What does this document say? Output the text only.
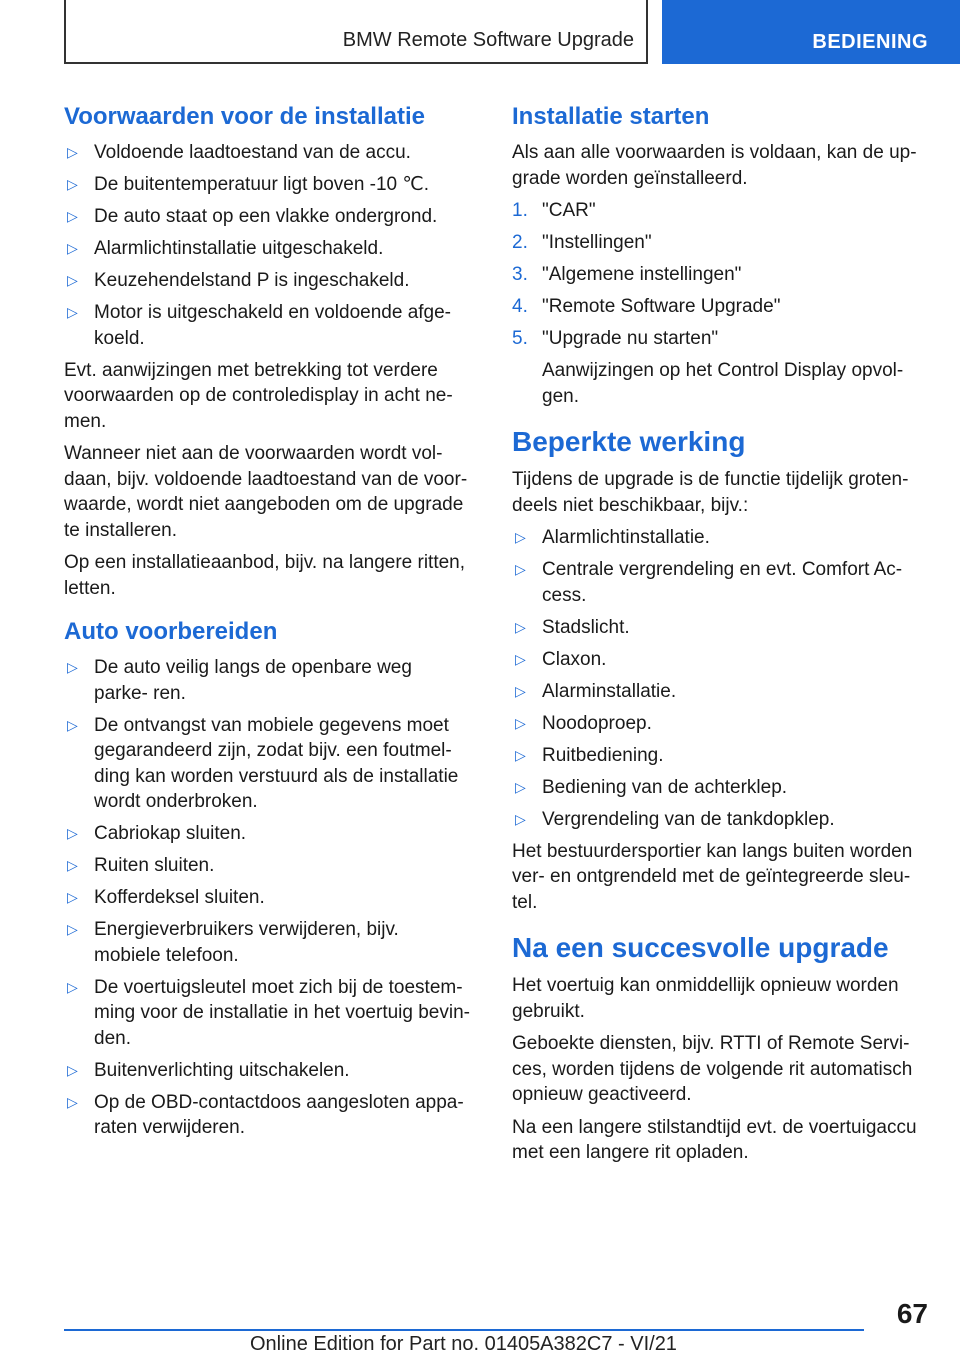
BMW Remote Software Upgrade	BEDIENING
Voorwaarden voor de installatie
▷ Voldoende laadtoestand van de accu.
▷ De buitentemperatuur ligt boven -10 ℃.
▷ De auto staat op een vlakke ondergrond.
▷ Alarmlichtinstallatie uitgeschakeld.
▷ Keuzehendelstand P is ingeschakeld.
▷ Motor is uitgeschakeld en voldoende afge‐ koeld.

Evt. aanwijzingen met betrekking tot verdere voorwaarden op de controledisplay in acht ne‐ men.

Wanneer niet aan de voorwaarden wordt vol‐ daan, bijv. voldoende laadtoestand van de voor‐ waarde, wordt niet aangeboden om de upgrade te installeren.

Op een installatieaanbod, bijv. na langere ritten, letten.

Auto voorbereiden
▷ De auto veilig langs de openbare weg parke‐ ren.
▷ De ontvangst van mobiele gegevens moet gegarandeerd zijn, zodat bijv. een foutmel‐ ding kan worden verstuurd als de installatie wordt onderbroken.
▷ Cabriokap sluiten.
▷ Ruiten sluiten.
▷ Kofferdeksel sluiten.
▷ Energieverbruikers verwijderen, bijv. mobiele telefoon.
▷ De voertuigsleutel moet zich bij de toestem‐ ming voor de installatie in het voertuig bevin‐ den.
▷ Buitenverlichting uitschakelen.
▷ Op de OBD-contactdoos aangesloten appa‐ raten verwijderen.
Installatie starten

Als aan alle voorwaarden is voldaan, kan de up‐ grade worden geïnstalleerd.

1. "CAR"
2. "Instellingen"
3. "Algemene instellingen"
4. "Remote Software Upgrade"
5. "Upgrade nu starten"

Aanwijzingen op het Control Display opvol‐ gen.

Beperkte werking

Tijdens de upgrade is de functie tijdelijk groten‐ deels niet beschikbaar, bijv.:

▷ Alarmlichtinstallatie.
▷ Centrale vergrendeling en evt. Comfort Ac‐ cess.
▷ Stadslicht.
▷ Claxon.
▷ Alarminstallatie.
▷ Noodoproep.
▷ Ruitbediening.
▷ Bediening van de achterklep.
▷ Vergrendeling van de tankdopklep.

Het bestuurdersportier kan langs buiten worden ver- en ontgrendeld met de geïntegreerde sleu‐ tel.

Na een succesvolle upgrade

Het voertuig kan onmiddellijk opnieuw worden gebruikt.

Geboekte diensten, bijv. RTTI of Remote Servi‐ ces, worden tijdens de volgende rit automatisch opnieuw geactiveerd.

Na een langere stilstandtijd evt. de voertuigaccu met een langere rit opladen.

67
Online Edition for Part no. 01405A382C7 - VI/21
